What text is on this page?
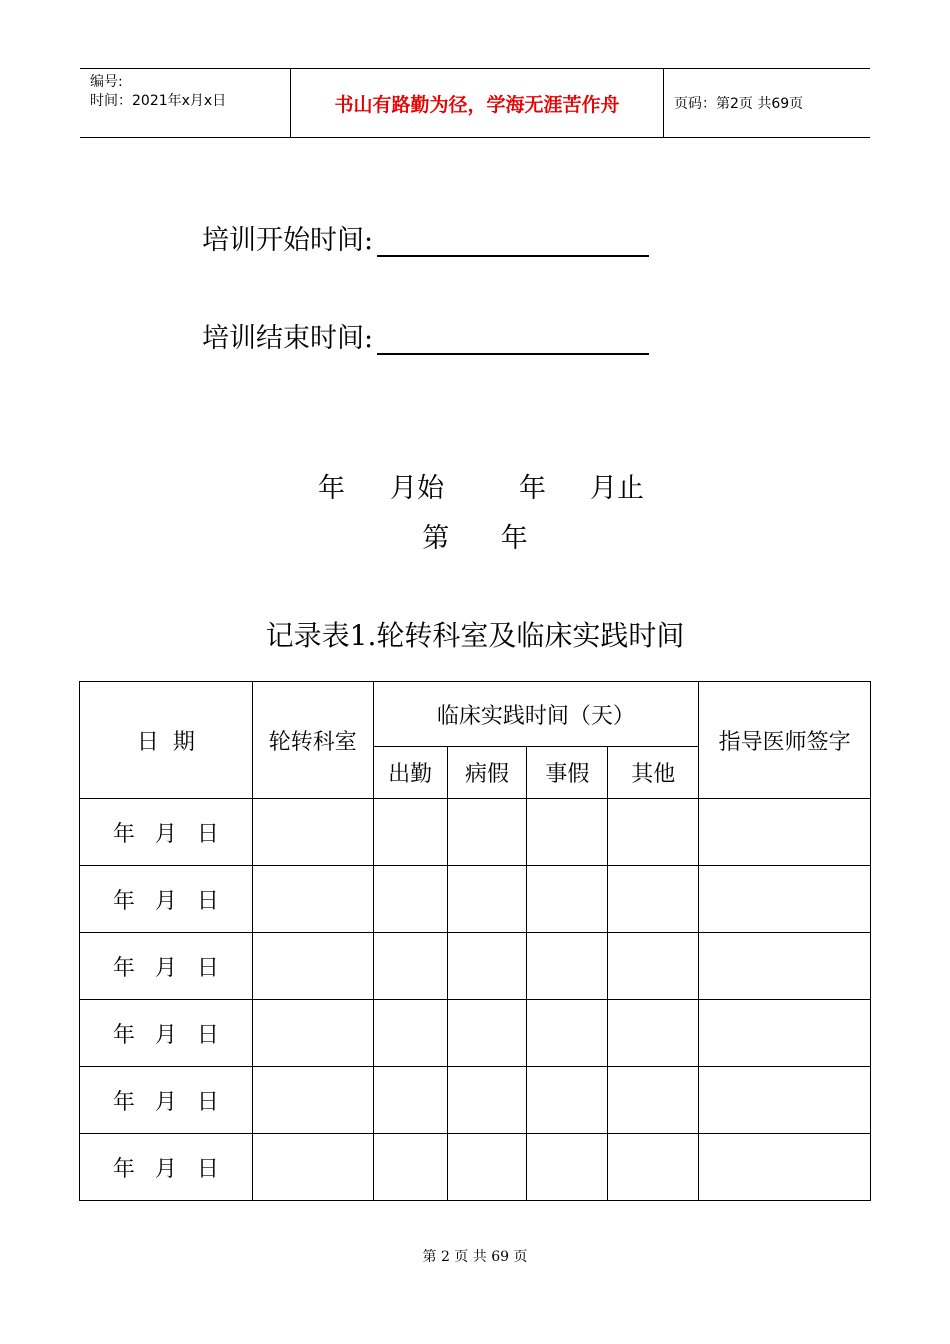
编号:
时间：2021年x月x日	书山有路勤为径，学海无涯苦作舟	页码：第2页 共69页
培训开始时间:
培训结束时间:
年 月始	年 月止
第      年
记录表1.轮转科室及临床实践时间
日  期	轮转科室	临床实践时间（天）				指导医师签字
		出勤	病假	事假	其他	
年 月 日						
年 月 日						
年 月 日						
年 月 日						
年 月 日						
年 月 日						
第 2 页 共 69 页
